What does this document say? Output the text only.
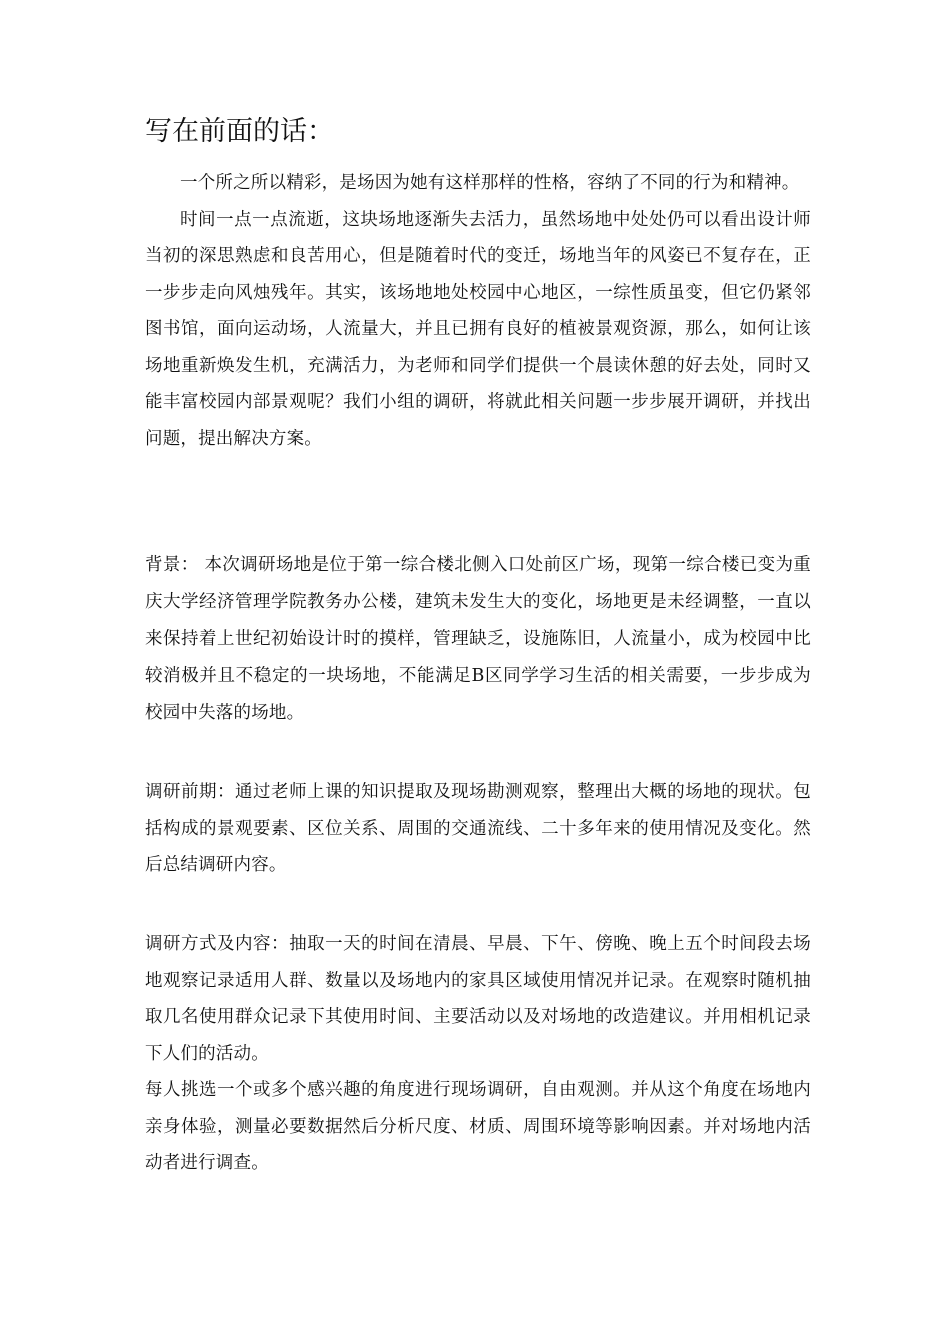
写在前面的话：

一个所之所以精彩，是场因为她有这样那样的性格，容纳了不同的行为和精神。

时间一点一点流逝，这块场地逐渐失去活力，虽然场地中处处仍可以看出设计师当初的深思熟虑和良苦用心，但是随着时代的变迁，场地当年的风姿已不复存在，正一步步走向风烛残年。其实，该场地地处校园中心地区，一综性质虽变，但它仍紧邻图书馆，面向运动场，人流量大，并且已拥有良好的植被景观资源，那么，如何让该场地重新焕发生机，充满活力，为老师和同学们提供一个晨读休憩的好去处，同时又能丰富校园内部景观呢？我们小组的调研，将就此相关问题一步步展开调研，并找出问题，提出解决方案。

背景： 本次调研场地是位于第一综合楼北侧入口处前区广场，现第一综合楼已变为重庆大学经济管理学院教务办公楼，建筑未发生大的变化，场地更是未经调整，一直以来保持着上世纪初始设计时的摸样，管理缺乏，设施陈旧，人流量小，成为校园中比较消极并且不稳定的一块场地，不能满足B区同学学习生活的相关需要，一步步成为校园中失落的场地。

调研前期：通过老师上课的知识提取及现场勘测观察，整理出大概的场地的现状。包括构成的景观要素、区位关系、周围的交通流线、二十多年来的使用情况及变化。然后总结调研内容。

调研方式及内容：抽取一天的时间在清晨、早晨、下午、傍晚、晚上五个时间段去场地观察记录适用人群、数量以及场地内的家具区域使用情况并记录。在观察时随机抽取几名使用群众记录下其使用时间、主要活动以及对场地的改造建议。并用相机记录下人们的活动。

每人挑选一个或多个感兴趣的角度进行现场调研，自由观测。并从这个角度在场地内亲身体验，测量必要数据然后分析尺度、材质、周围环境等影响因素。并对场地内活动者进行调查。
